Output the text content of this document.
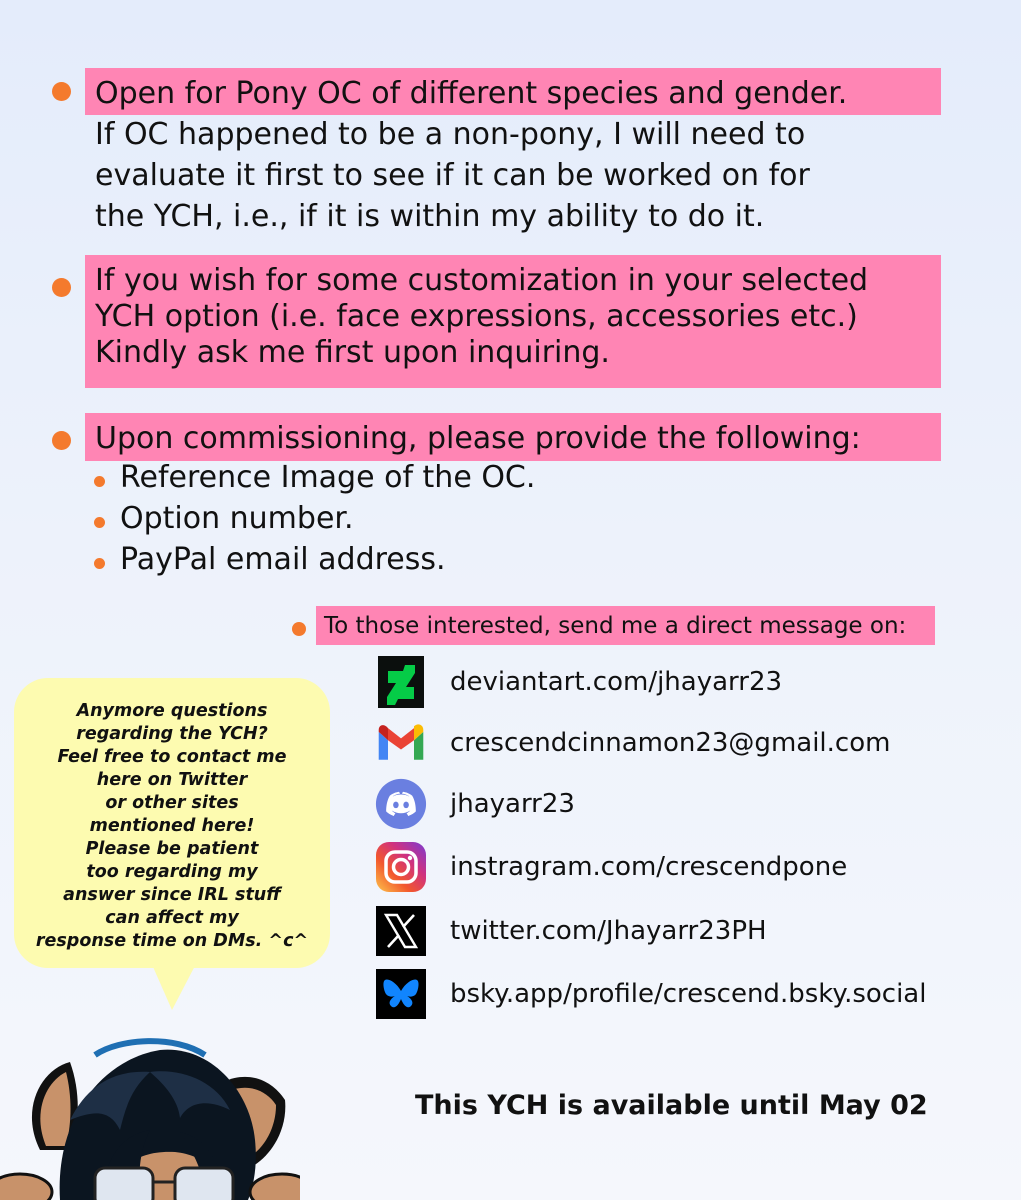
Open for Pony OC of different species and gender.
If OC happened to be a non-pony, I will need to
evaluate it first to see if it can be worked on for
the YCH, i.e., if it is within my ability to do it.
If you wish for some customization in your selected
YCH option (i.e. face expressions, accessories etc.)
Kindly ask me first upon inquiring.
Upon commissioning, please provide the following:
Reference Image of the OC.
Option number.
PayPal email address.
To those interested, send me a direct message on:
deviantart.com/jhayarr23
crescendcinnamon23@gmail.com
jhayarr23
instragram.com/crescendpone
twitter.com/Jhayarr23PH
bsky.app/profile/crescend.bsky.social
Anymore questions
regarding the YCH?
Feel free to contact me
here on Twitter
or other sites
mentioned here!
Please be patient
too regarding my
answer since IRL stuff
can affect my
response time on DMs. ^c^
This YCH is available until May 02
